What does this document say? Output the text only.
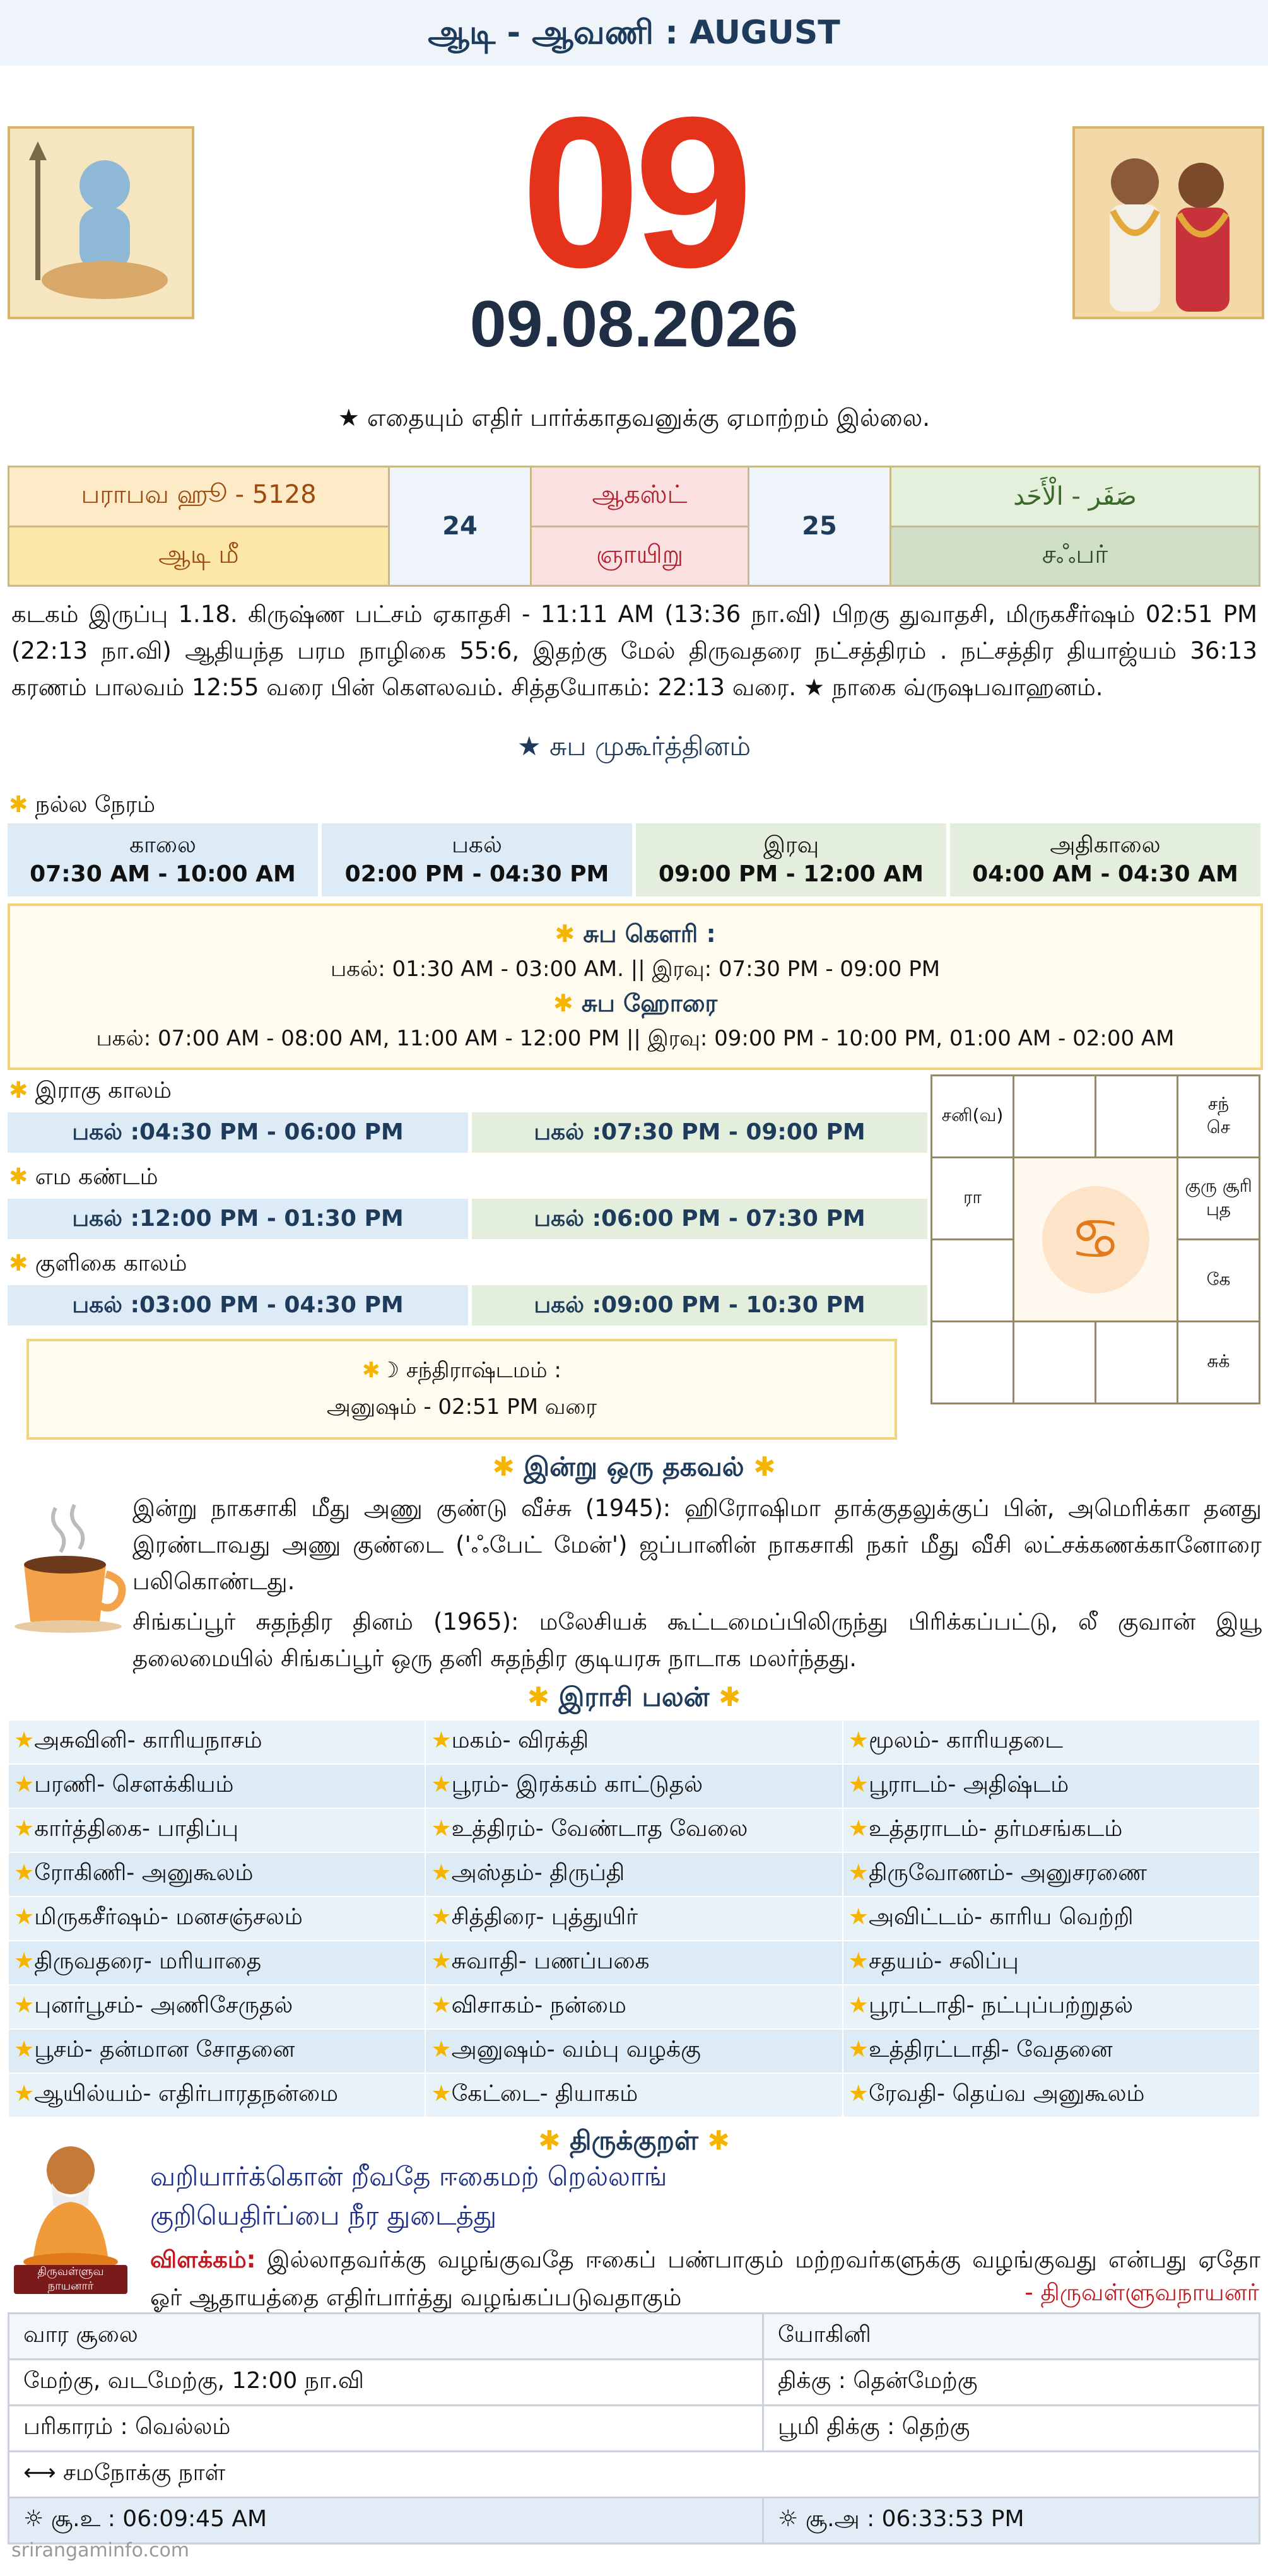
ஆடி - ஆவணி : AUGUST
09
09.08.2026
★ எதையும் எதிர் பார்க்காதவனுக்கு ஏமாற்றம் இல்லை.
பராபவ ஹூ - 5128	24	ஆகஸ்ட்	25	صَفَر - الْأَحَد
ஆடி மீ		ஞாயிறு		சஃபர்
கடகம் இருப்பு 1.18. கிருஷ்ண பட்சம் ஏகாதசி - 11:11 AM (13:36 நா.வி) பிறகு துவாதசி, மிருகசீர்ஷம் 02:51 PM (22:13 நா.வி) ஆதியந்த பரம நாழிகை 55:6, இதற்கு மேல் திருவதரை நட்சத்திரம் . நட்சத்திர தியாஜ்யம் 36:13 கரணம் பாலவம் 12:55 வரை பின் கௌலவம். சித்தயோகம்: 22:13 வரை. ★ நாகை வ்ருஷபவாஹனம்.
★ சுப முகூர்த்தினம்
✱ நல்ல நேரம்
காலை
07:30 AM - 10:00 AM
பகல்
02:00 PM - 04:30 PM
இரவு
09:00 PM - 12:00 AM
அதிகாலை
04:00 AM - 04:30 AM
✱ சுப கௌரி :
பகல்: 01:30 AM - 03:00 AM. || இரவு: 07:30 PM - 09:00 PM
✱ சுப ஹோரை
பகல்: 07:00 AM - 08:00 AM, 11:00 AM - 12:00 PM || இரவு: 09:00 PM - 10:00 PM, 01:00 AM - 02:00 AM
✱ இராகு காலம்
பகல் :04:30 PM - 06:00 PM	பகல் :07:30 PM - 09:00 PM
✱ எம கண்டம்
பகல் :12:00 PM - 01:30 PM	பகல் :06:00 PM - 07:30 PM
✱ குளிகை காலம்
பகல் :03:00 PM - 04:30 PM	பகல் :09:00 PM - 10:30 PM
✱☽ சந்திராஷ்டமம் :
அனுஷம் - 02:51 PM வரை
சனி(வ)			சந்
செ
ரா	♋		குரு சூரி
புத
			கே
			சுக்
✱ இன்று ஒரு தகவல் ✱
இன்று நாகசாகி மீது அணு குண்டு வீச்சு (1945): ஹிரோஷிமா தாக்குதலுக்குப் பின், அமெரிக்கா தனது இரண்டாவது அணு குண்டை ('ஃபேட் மேன்') ஜப்பானின் நாகசாகி நகர் மீது வீசி லட்சக்கணக்கானோரை பலிகொண்டது.
சிங்கப்பூர் சுதந்திர தினம் (1965): மலேசியக் கூட்டமைப்பிலிருந்து பிரிக்கப்பட்டு, லீ குவான் இயூ தலைமையில் சிங்கப்பூர் ஒரு தனி சுதந்திர குடியரசு நாடாக மலர்ந்தது.
✱ இராசி பலன் ✱
★அசுவினி- காரியநாசம்	★மகம்- விரக்தி	★மூலம்- காரியதடை
★பரணி- சௌக்கியம்	★பூரம்- இரக்கம் காட்டுதல்	★பூராடம்- அதிஷ்டம்
★கார்த்திகை- பாதிப்பு	★உத்திரம்- வேண்டாத வேலை	★உத்தராடம்- தர்மசங்கடம்
★ரோகிணி- அனுகூலம்	★அஸ்தம்- திருப்தி	★திருவோணம்- அனுசரணை
★மிருகசீர்ஷம்- மனசஞ்சலம்	★சித்திரை- புத்துயிர்	★அவிட்டம்- காரிய வெற்றி
★திருவதரை- மரியாதை	★சுவாதி- பணப்பகை	★சதயம்- சலிப்பு
★புனர்பூசம்- அணிசேருதல்	★விசாகம்- நன்மை	★பூரட்டாதி- நட்புப்பற்றுதல்
★பூசம்- தன்மான சோதனை	★அனுஷம்- வம்பு வழக்கு	★உத்திரட்டாதி- வேதனை
★ஆயில்யம்- எதிர்பாரதநன்மை	★கேட்டை- தியாகம்	★ரேவதி- தெய்வ அனுகூலம்
✱ திருக்குறள் ✱
திருவள்ளுவ நாயனார்
வறியார்க்கொன் றீவதே ஈகைமற் றெல்லாங்
குறியெதிர்ப்பை நீர துடைத்து
விளக்கம்: இல்லாதவர்க்கு வழங்குவதே ஈகைப் பண்பாகும் மற்றவர்களுக்கு வழங்குவது என்பது ஏதோ ஓர் ஆதாயத்தை எதிர்பார்த்து வழங்கப்படுவதாகும்	- திருவள்ளுவநாயனர்
வார சூலை	யோகினி
மேற்கு, வடமேற்கு, 12:00 நா.வி	திக்கு : தென்மேற்கு
பரிகாரம் : வெல்லம்	பூமி திக்கு : தெற்கு
⟷ சமநோக்கு நாள்	
☼ சூ.உ : 06:09:45 AM	☼ சூ.அ : 06:33:53 PM
srirangaminfo.com
